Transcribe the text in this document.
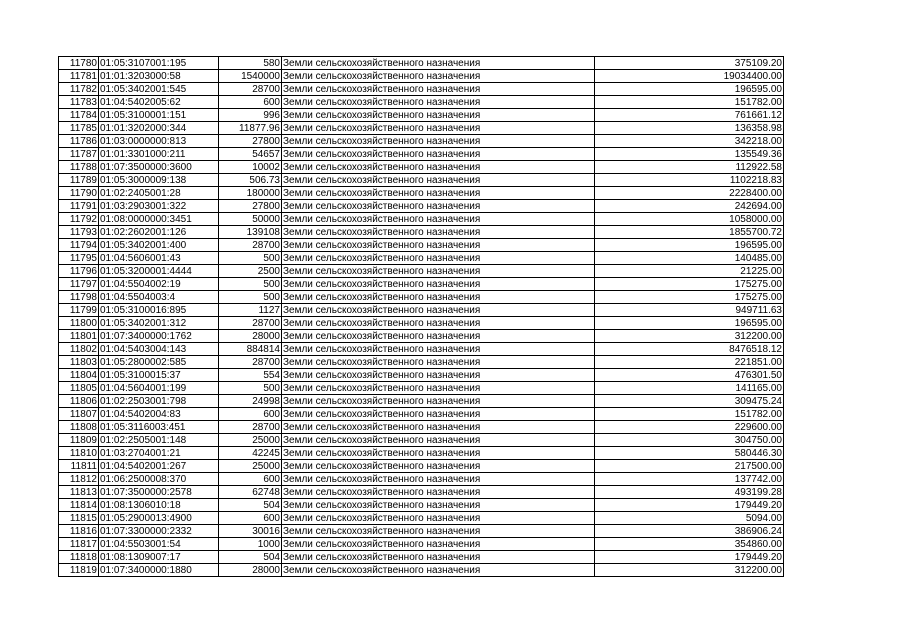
11780	01:05:3107001:195	580	Земли сельскохозяйственного назначения	375109.20
11781	01:01:3203000:58	1540000	Земли сельскохозяйственного назначения	19034400.00
11782	01:05:3402001:545	28700	Земли сельскохозяйственного назначения	196595.00
11783	01:04:5402005:62	600	Земли сельскохозяйственного назначения	151782.00
11784	01:05:3100001:151	996	Земли сельскохозяйственного назначения	761661.12
11785	01:01:3202000:344	11877.96	Земли сельскохозяйственного назначения	136358.98
11786	01:03:0000000:813	27800	Земли сельскохозяйственного назначения	342218.00
11787	01:01:3301000:211	54657	Земли сельскохозяйственного назначения	135549.36
11788	01:07:3500000:3600	10002	Земли сельскохозяйственного назначения	112922.58
11789	01:05:3000009:138	506.73	Земли сельскохозяйственного назначения	1102218.83
11790	01:02:2405001:28	180000	Земли сельскохозяйственного назначения	2228400.00
11791	01:03:2903001:322	27800	Земли сельскохозяйственного назначения	242694.00
11792	01:08:0000000:3451	50000	Земли сельскохозяйственного назначения	1058000.00
11793	01:02:2602001:126	139108	Земли сельскохозяйственного назначения	1855700.72
11794	01:05:3402001:400	28700	Земли сельскохозяйственного назначения	196595.00
11795	01:04:5606001:43	500	Земли сельскохозяйственного назначения	140485.00
11796	01:05:3200001:4444	2500	Земли сельскохозяйственного назначения	21225.00
11797	01:04:5504002:19	500	Земли сельскохозяйственного назначения	175275.00
11798	01:04:5504003:4	500	Земли сельскохозяйственного назначения	175275.00
11799	01:05:3100016:895	1127	Земли сельскохозяйственного назначения	949711.63
11800	01:05:3402001:312	28700	Земли сельскохозяйственного назначения	196595.00
11801	01:07:3400000:1762	28000	Земли сельскохозяйственного назначения	312200.00
11802	01:04:5403004:143	884814	Земли сельскохозяйственного назначения	8476518.12
11803	01:05:2800002:585	28700	Земли сельскохозяйственного назначения	221851.00
11804	01:05:3100015:37	554	Земли сельскохозяйственного назначения	476301.50
11805	01:04:5604001:199	500	Земли сельскохозяйственного назначения	141165.00
11806	01:02:2503001:798	24998	Земли сельскохозяйственного назначения	309475.24
11807	01:04:5402004:83	600	Земли сельскохозяйственного назначения	151782.00
11808	01:05:3116003:451	28700	Земли сельскохозяйственного назначения	229600.00
11809	01:02:2505001:148	25000	Земли сельскохозяйственного назначения	304750.00
11810	01:03:2704001:21	42245	Земли сельскохозяйственного назначения	580446.30
11811	01:04:5402001:267	25000	Земли сельскохозяйственного назначения	217500.00
11812	01:06:2500008:370	600	Земли сельскохозяйственного назначения	137742.00
11813	01:07:3500000:2578	62748	Земли сельскохозяйственного назначения	493199.28
11814	01:08:1306010:18	504	Земли сельскохозяйственного назначения	179449.20
11815	01:05:2900013:4900	600	Земли сельскохозяйственного назначения	5094.00
11816	01:07:3300000:2332	30016	Земли сельскохозяйственного назначения	386906.24
11817	01:04:5503001:54	1000	Земли сельскохозяйственного назначения	354860.00
11818	01:08:1309007:17	504	Земли сельскохозяйственного назначения	179449.20
11819	01:07:3400000:1880	28000	Земли сельскохозяйственного назначения	312200.00
